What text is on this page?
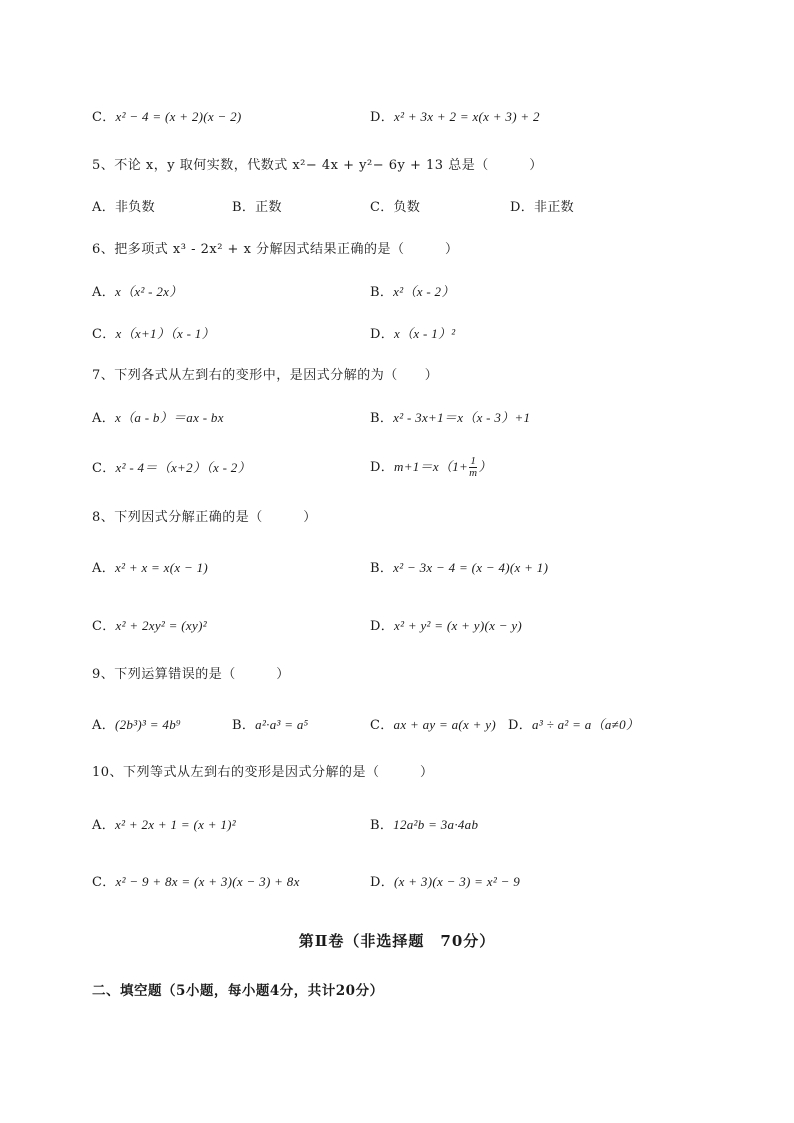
C．x² − 4 = (x + 2)(x − 2)	D．x² + 3x + 2 = x(x + 3) + 2
5、不论 x，y 取何实数，代数式 x²− 4x + y²− 6y + 13 总是（　　　）
A．非负数	B．正数	C．负数	D．非正数
6、把多项式 x³ - 2x² + x 分解因式结果正确的是（　　　）
A．x（x² - 2x）	B．x²（x - 2）
C．x（x+1）（x - 1）	D．x（x - 1）²
7、下列各式从左到右的变形中，是因式分解的为（　　）
A．x（a - b）＝ax - bx	B．x² - 3x+1＝x（x - 3）+1
C．x² - 4＝（x+2）（x - 2）	D．$m+1=x(1+ \frac{1}{m}$ ）
8、下列因式分解正确的是（　　　）
A．x² + x = x(x − 1)	B．x² − 3x − 4 = (x − 4)(x + 1)
C．x² + 2xy² = (xy)²	D．x² + y² = (x + y)(x − y)
9、下列运算错误的是（　　　）
A．(2b³)³ = 4b⁹	B．a²·a³ = a⁵	C．ax + ay = a(x + y) D．a³ ÷ a² = a（a≠0）
10、下列等式从左到右的变形是因式分解的是（　　　）
A．x² + 2x + 1 = (x + 1)²	B．12a²b = 3a·4ab
C．x² − 9 + 8x = (x + 3)(x − 3) + 8x	D．(x + 3)(x − 3) = x² − 9
第Ⅱ卷（非选择题　70分）
二、填空题（5小题，每小题4分，共计20分）
